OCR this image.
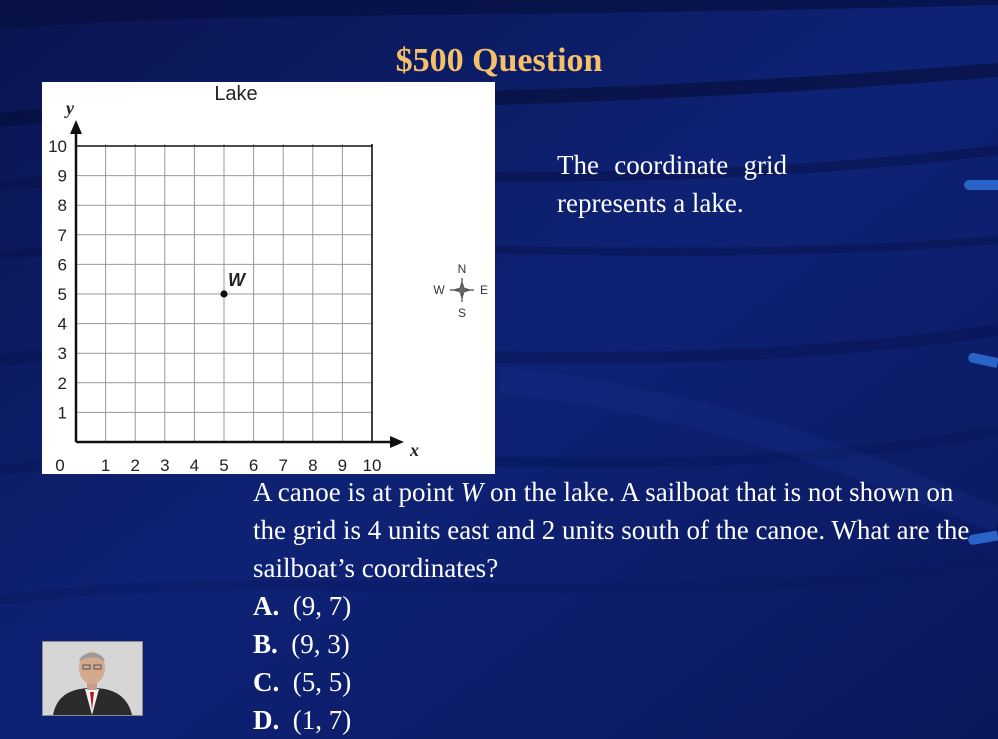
$500 Question
Lake
y
x
0 1 2 3 4 5 6 7 8 9 10
1
2
3
4
5
6
7
8
9
10
W
N
S
E
W
The coordinate grid represents a lake.
A canoe is at point W on the lake. A sailboat that is not shown on the grid is 4 units east and 2 units south of the canoe. What are the sailboat’s coordinates?
A. (9, 7)
B. (9, 3)
C. (5, 5)
D. (1, 7)
